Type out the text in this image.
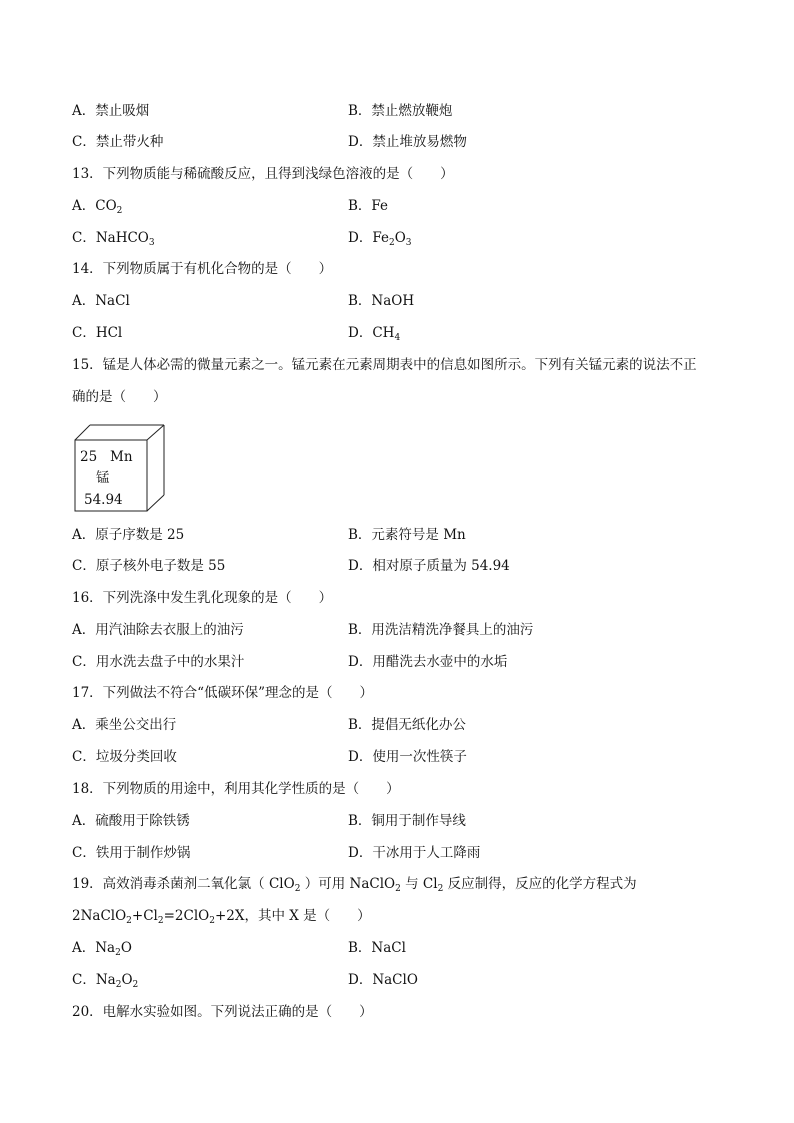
A．禁止吸烟	B．禁止燃放鞭炮
C．禁止带火种	D．禁止堆放易燃物
13．下列物质能与稀硫酸反应，且得到浅绿色溶液的是（　　）
A．$CO_2$	B．Fe
C．NaHCO$_3$	D．$Fe_2O_3$
14．下列物质属于有机化合物的是（　　）
A．NaCl	B．NaOH
C．HCl	D．$CH_4$
15．锰是人体必需的微量元素之一。锰元素在元素周期表中的信息如图所示。下列有关锰元素的说法不正
确的是（　　）
25 Mn
锰
54.94
A．原子序数是 25	B．元素符号是 Mn
C．原子核外电子数是 55	D．相对原子质量为 54.94
16．下列洗涤中发生乳化现象的是（　　）
A．用汽油除去衣服上的油污	B．用洗洁精洗净餐具上的油污
C．用水洗去盘子中的水果汁	D．用醋洗去水壶中的水垢
17．下列做法不符合“低碳环保”理念的是（　　）
A．乘坐公交出行	B．提倡无纸化办公
C．垃圾分类回收	D．使用一次性筷子
18．下列物质的用途中，利用其化学性质的是（　　）
A．硫酸用于除铁锈	B．铜用于制作导线
C．铁用于制作炒锅	D．干冰用于人工降雨
19．高效消毒杀菌剂二氧化氯（ ClO$_2$ ）可用 NaClO$_2$ 与 $Cl_2$ 反应制得，反应的化学方程式为
$2NaClO_2+Cl_2=2ClO_2+2X$，其中 X 是（　　）
A．$Na_2O$	B．NaCl
C．$Na_2O_2$	D．NaClO
20．电解水实验如图。下列说法正确的是（　　）
